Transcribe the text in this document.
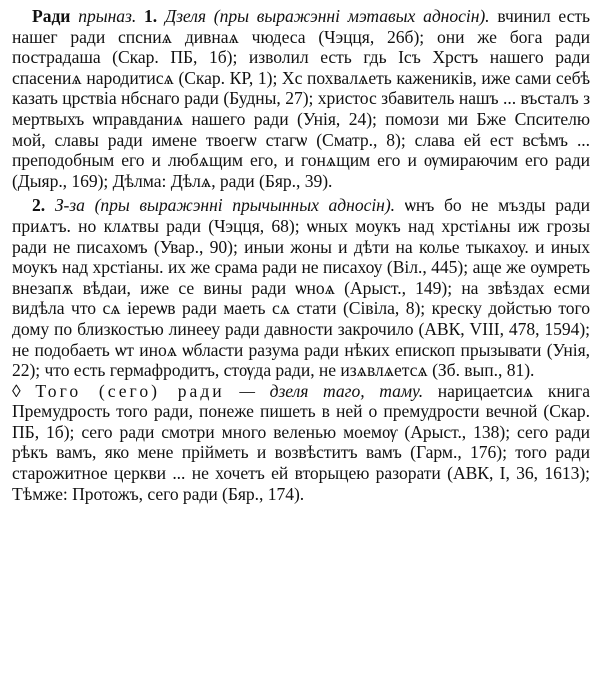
Ради прыназ. 1. Дзеля (пры выражэнні мэтавых адносін). вчинил есть нашег ради спсниѧ дивнаѧ чюдеса (Чэцця, 26б); они же бога ради пострадаша (Скар. ПБ, 1б); изволил есть гдь Ісъ Хрстъ нашего ради спасениѧ народитисѧ (Скар. КР, 1); Хс похвалѧеть кажеників, иже сами себѣ казать црствіа нбснаго ради (Будны, 27); христос збавитель нашъ ... въсталъ з мертвыхъ ѡправданиѧ нашего ради (Унія, 24); помози ми Бже Спсителю мой, славы ради имене твоегѡ стагѡ (Сматр., 8); слава ей ест всѣмъ ... преподобным его и любѧщим его, и гонѧщим его и ѹмираючим его ради (Дыяр., 169); Дѣлма: Дѣлѧ, ради (Бяр., 39).

2. З-за (пры выражэнні прычынных адносін). ѡнъ бо не мъзды ради приѧтъ. но клѧтвы ради (Чэцця, 68); ѡных моукъ над хрстіѧны иж грозы ради не писахомъ (Увар., 90); иныи жоны и дѣти на колье тыкахоу. и иных моукъ над хрстіаны. их же срама ради не писахоу (Віл., 445); аще же оумреть внезапѫ вѣдаи, иже се вины ради ѡноѧ (Арыст., 149); на звѣздах есми видѣла что сѧ іереѡв ради маеть сѧ стати (Сівіла, 8); креску дойстью того дому по близкостью линееу ради давности закрочило (АВК, VIII, 478, 1594); не подобаеть ѡт иноѧ ѡбласти разума ради нѣких епископ прызывати (Унія, 22); что есть гермафродитъ, стѹда ради, не изѧвлѧетсѧ (Зб. вып., 81).
◊ Того (сего) ради — дзеля таго, таму. нарицаетсиѧ книга Премудрость того ради, понеже пишеть в ней о премудрости вечной (Скар. ПБ, 1б); сего ради смотри много веленью моемѹ (Арыст., 138); сего ради рѣкъ вамъ, яко мене прійметь и возвѣститъ вамъ (Гарм., 176); того ради старожитное церкви ... не хочетъ ей вторыцею разорати (АВК, І, 36, 1613); Тѣмже: Протожъ, сего ради (Бяр., 174).
